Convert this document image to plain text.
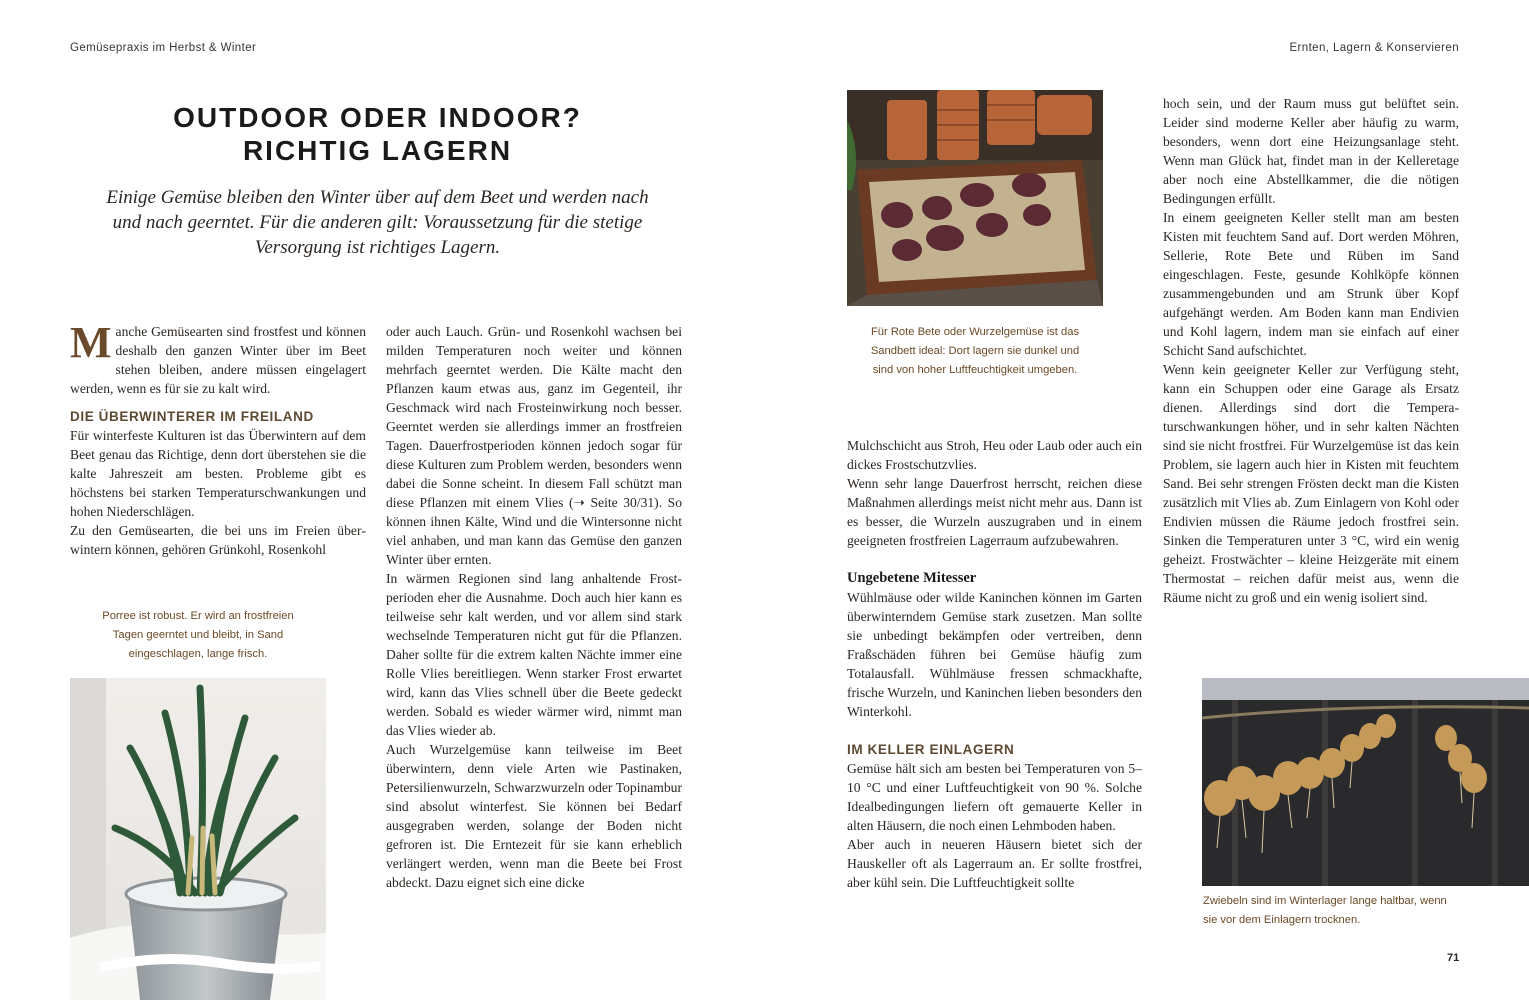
Gemüsepraxis im Herbst & Winter	Ernten, Lagern & Konservieren
OUTDOOR ODER INDOOR?
RICHTIG LAGERN
Einige Gemüse bleiben den Winter über auf dem Beet und werden nach und nach geerntet. Für die anderen gilt: Voraussetzung für die stetige Versorgung ist richtiges Lagern.

Manche Gemüsearten sind frostfest und können deshalb den ganzen Winter über im Beet stehen bleiben, andere müssen eingelagert werden, wenn es für sie zu kalt wird.

DIE ÜBERWINTERER IM FREILAND

Für winterfeste Kulturen ist das Überwintern auf dem Beet genau das Richtige, denn dort überstehen sie die kalte Jahreszeit am besten. Probleme gibt es höchstens bei starken Temperaturschwankungen und hohen Niederschlägen.

Zu den Gemüsearten, die bei uns im Freien überwintern können, gehören Grünkohl, Rosenkohl

Porree ist robust. Er wird an frostfreien Tagen geerntet und bleibt, in Sand eingeschlagen, lange frisch.

oder auch Lauch. Grün- und Rosenkohl wachsen bei milden Temperaturen noch weiter und können mehrfach geerntet werden. Die Kälte macht den Pflanzen kaum etwas aus, ganz im Gegenteil, ihr Geschmack wird nach Frosteinwirkung noch besser. Geerntet werden sie allerdings immer an frostfreien Tagen. Dauerfrostperioden können jedoch sogar für diese Kulturen zum Problem werden, besonders wenn dabei die Sonne scheint. In diesem Fall schützt man diese Pflanzen mit einem Vlies (➝ Seite 30/31). So können ihnen Kälte, Wind und die Wintersonne nicht viel anhaben, und man kann das Gemüse den ganzen Winter über ernten.

In wärmen Regionen sind lang anhaltende Frostperioden eher die Ausnahme. Doch auch hier kann es teilweise sehr kalt werden, und vor allem sind stark wechselnde Temperaturen nicht gut für die Pflanzen. Daher sollte für die extrem kalten Nächte immer eine Rolle Vlies bereitliegen. Wenn starker Frost erwartet wird, kann das Vlies schnell über die Beete gedeckt werden. Sobald es wieder wärmer wird, nimmt man das Vlies wieder ab.

Auch Wurzelgemüse kann teilweise im Beet überwintern, denn viele Arten wie Pastinaken, Petersilienwurzeln, Schwarzwurzeln oder Topinambur sind absolut winterfest. Sie können bei Bedarf ausgegraben werden, solange der Boden nicht gefroren ist. Die Erntezeit für sie kann erheblich verlängert werden, wenn man die Beete bei Frost abdeckt. Dazu eignet sich eine dicke

Für Rote Bete oder Wurzelgemüse ist das Sandbett ideal: Dort lagern sie dunkel und sind von hoher Luftfeuchtigkeit umgeben.

Mulchschicht aus Stroh, Heu oder Laub oder auch ein dickes Frostschutzvlies.

Wenn sehr lange Dauerfrost herrscht, reichen diese Maßnahmen allerdings meist nicht mehr aus. Dann ist es besser, die Wurzeln auszugraben und in einem geeigneten frostfreien Lagerraum aufzubewahren.

Ungebetene Mitesser

Wühlmäuse oder wilde Kaninchen können im Garten überwinterndem Gemüse stark zusetzen. Man sollte sie unbedingt bekämpfen oder vertreiben, denn Fraßschäden führen bei Gemüse häufig zum Totalausfall. Wühlmäuse fressen schmackhafte, frische Wurzeln, und Kaninchen lieben besonders den Winterkohl.

IM KELLER EINLAGERN

Gemüse hält sich am besten bei Temperaturen von 5–10 °C und einer Luftfeuchtigkeit von 90 %. Solche Idealbedingungen liefern oft gemauerte Keller in alten Häusern, die noch einen Lehmboden haben.

Aber auch in neueren Häusern bietet sich der Hauskeller oft als Lagerraum an. Er sollte frostfrei, aber kühl sein. Die Luftfeuchtigkeit sollte

hoch sein, und der Raum muss gut belüftet sein. Leider sind moderne Keller aber häufig zu warm, besonders, wenn dort eine Heizungsanlage steht. Wenn man Glück hat, findet man in der Kelleretage aber noch eine Abstellkammer, die die nötigen Bedingungen erfüllt.

In einem geeigneten Keller stellt man am besten Kisten mit feuchtem Sand auf. Dort werden Möhren, Sellerie, Rote Bete und Rüben im Sand eingeschlagen. Feste, gesunde Kohlköpfe können zusammengebunden und am Strunk über Kopf aufgehängt werden. Am Boden kann man Endivien und Kohl lagern, indem man sie einfach auf einer Schicht Sand aufschichtet.

Wenn kein geeigneter Keller zur Verfügung steht, kann ein Schuppen oder eine Garage als Ersatz dienen. Allerdings sind dort die Temperaturschwankungen höher, und in sehr kalten Nächten sind sie nicht frostfrei. Für Wurzelgemüse ist das kein Problem, sie lagern auch hier in Kisten mit feuchtem Sand. Bei sehr strengen Frösten deckt man die Kisten zusätzlich mit Vlies ab. Zum Einlagern von Kohl oder Endivien müssen die Räume jedoch frostfrei sein. Sinken die Temperaturen unter 3 °C, wird ein wenig geheizt. Frostwächter – kleine Heizgeräte mit einem Thermostat – reichen dafür meist aus, wenn die Räume nicht zu groß und ein wenig isoliert sind.

Zwiebeln sind im Winterlager lange haltbar, wenn sie vor dem Einlagern trocknen.
71
